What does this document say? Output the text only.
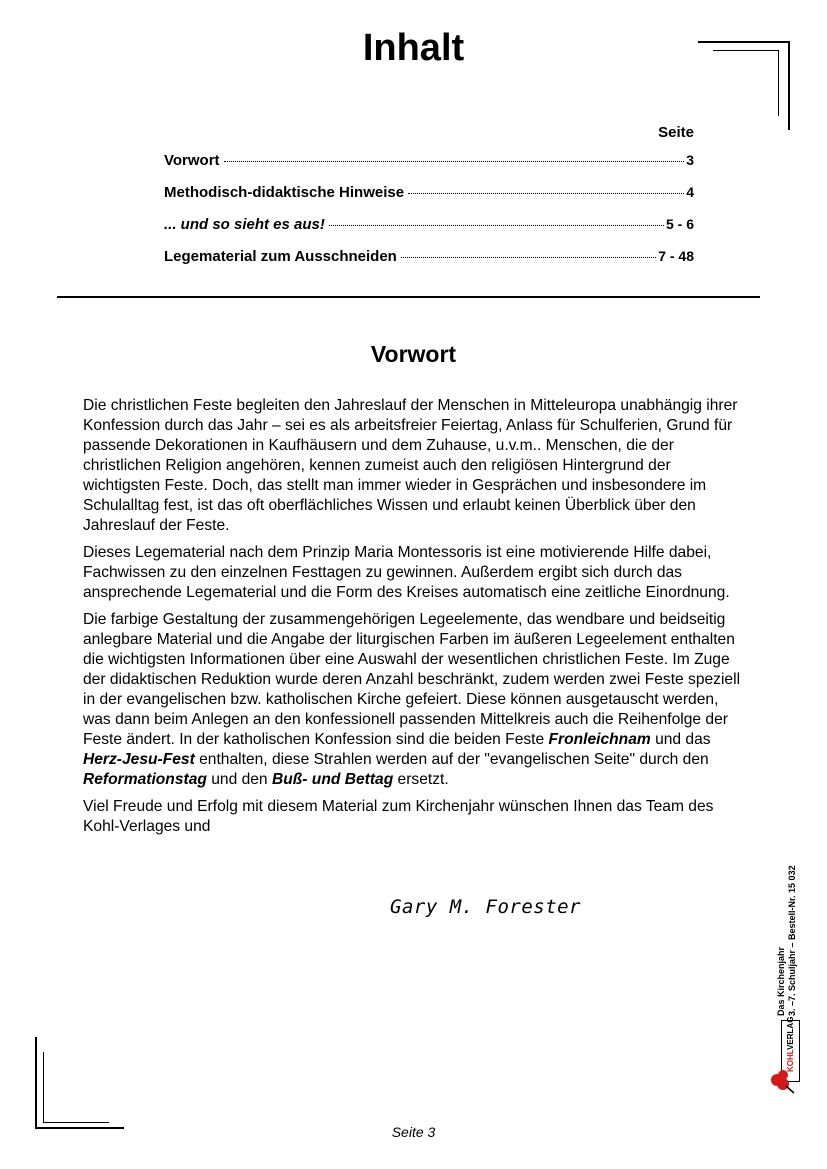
Inhalt
Seite
Vorwort	3
Methodisch-didaktische Hinweise	4
... und so sieht es aus!	5 - 6
Legematerial zum Ausschneiden	7 - 48
Vorwort

Die christlichen Feste begleiten den Jahreslauf der Menschen in Mitteleuropa unabhängig ihrer Konfession durch das Jahr – sei es als arbeitsfreier Feiertag, Anlass für Schulferien, Grund für passende Dekorationen in Kaufhäusern und dem Zuhause, u.v.m.. Menschen, die der christlichen Religion angehören, kennen zumeist auch den religiösen Hintergrund der wichtigsten Feste. Doch, das stellt man immer wieder in Gesprächen und insbesondere im Schulalltag fest, ist das oft oberflächliches Wissen und erlaubt keinen Überblick über den Jahreslauf der Feste.

Dieses Legematerial nach dem Prinzip Maria Montessoris ist eine motivierende Hilfe dabei, Fachwissen zu den einzelnen Festtagen zu gewinnen. Außerdem ergibt sich durch das ansprechende Legematerial und die Form des Kreises automatisch eine zeitliche Einordnung.

Die farbige Gestaltung der zusammengehörigen Legeelemente, das wendbare und beidseitig anlegbare Material und die Angabe der liturgischen Farben im äußeren Legeelement enthalten die wichtigsten Informationen über eine Auswahl der wesentlichen christlichen Feste. Im Zuge der didaktischen Reduktion wurde deren Anzahl beschränkt, zudem werden zwei Feste speziell in der evangelischen bzw. katholischen Kirche gefeiert. Diese können ausgetauscht werden, was dann beim Anlegen an den konfessionell passenden Mittelkreis auch die Reihenfolge der Feste ändert. In der katholischen Konfession sind die beiden Feste Fronleichnam und das Herz-Jesu-Fest enthalten, diese Strahlen werden auf der "evangelischen Seite" durch den Reformationstag und den Buß- und Bettag ersetzt.

Viel Freude und Erfolg mit diesem Material zum Kirchenjahr wünschen Ihnen das Team des Kohl-Verlages und

Gary M. Forester
Das Kirchenjahr 3. –7. Schuljahr – Bestell-Nr. 15 032
KOHLVERLAG
Seite 3
